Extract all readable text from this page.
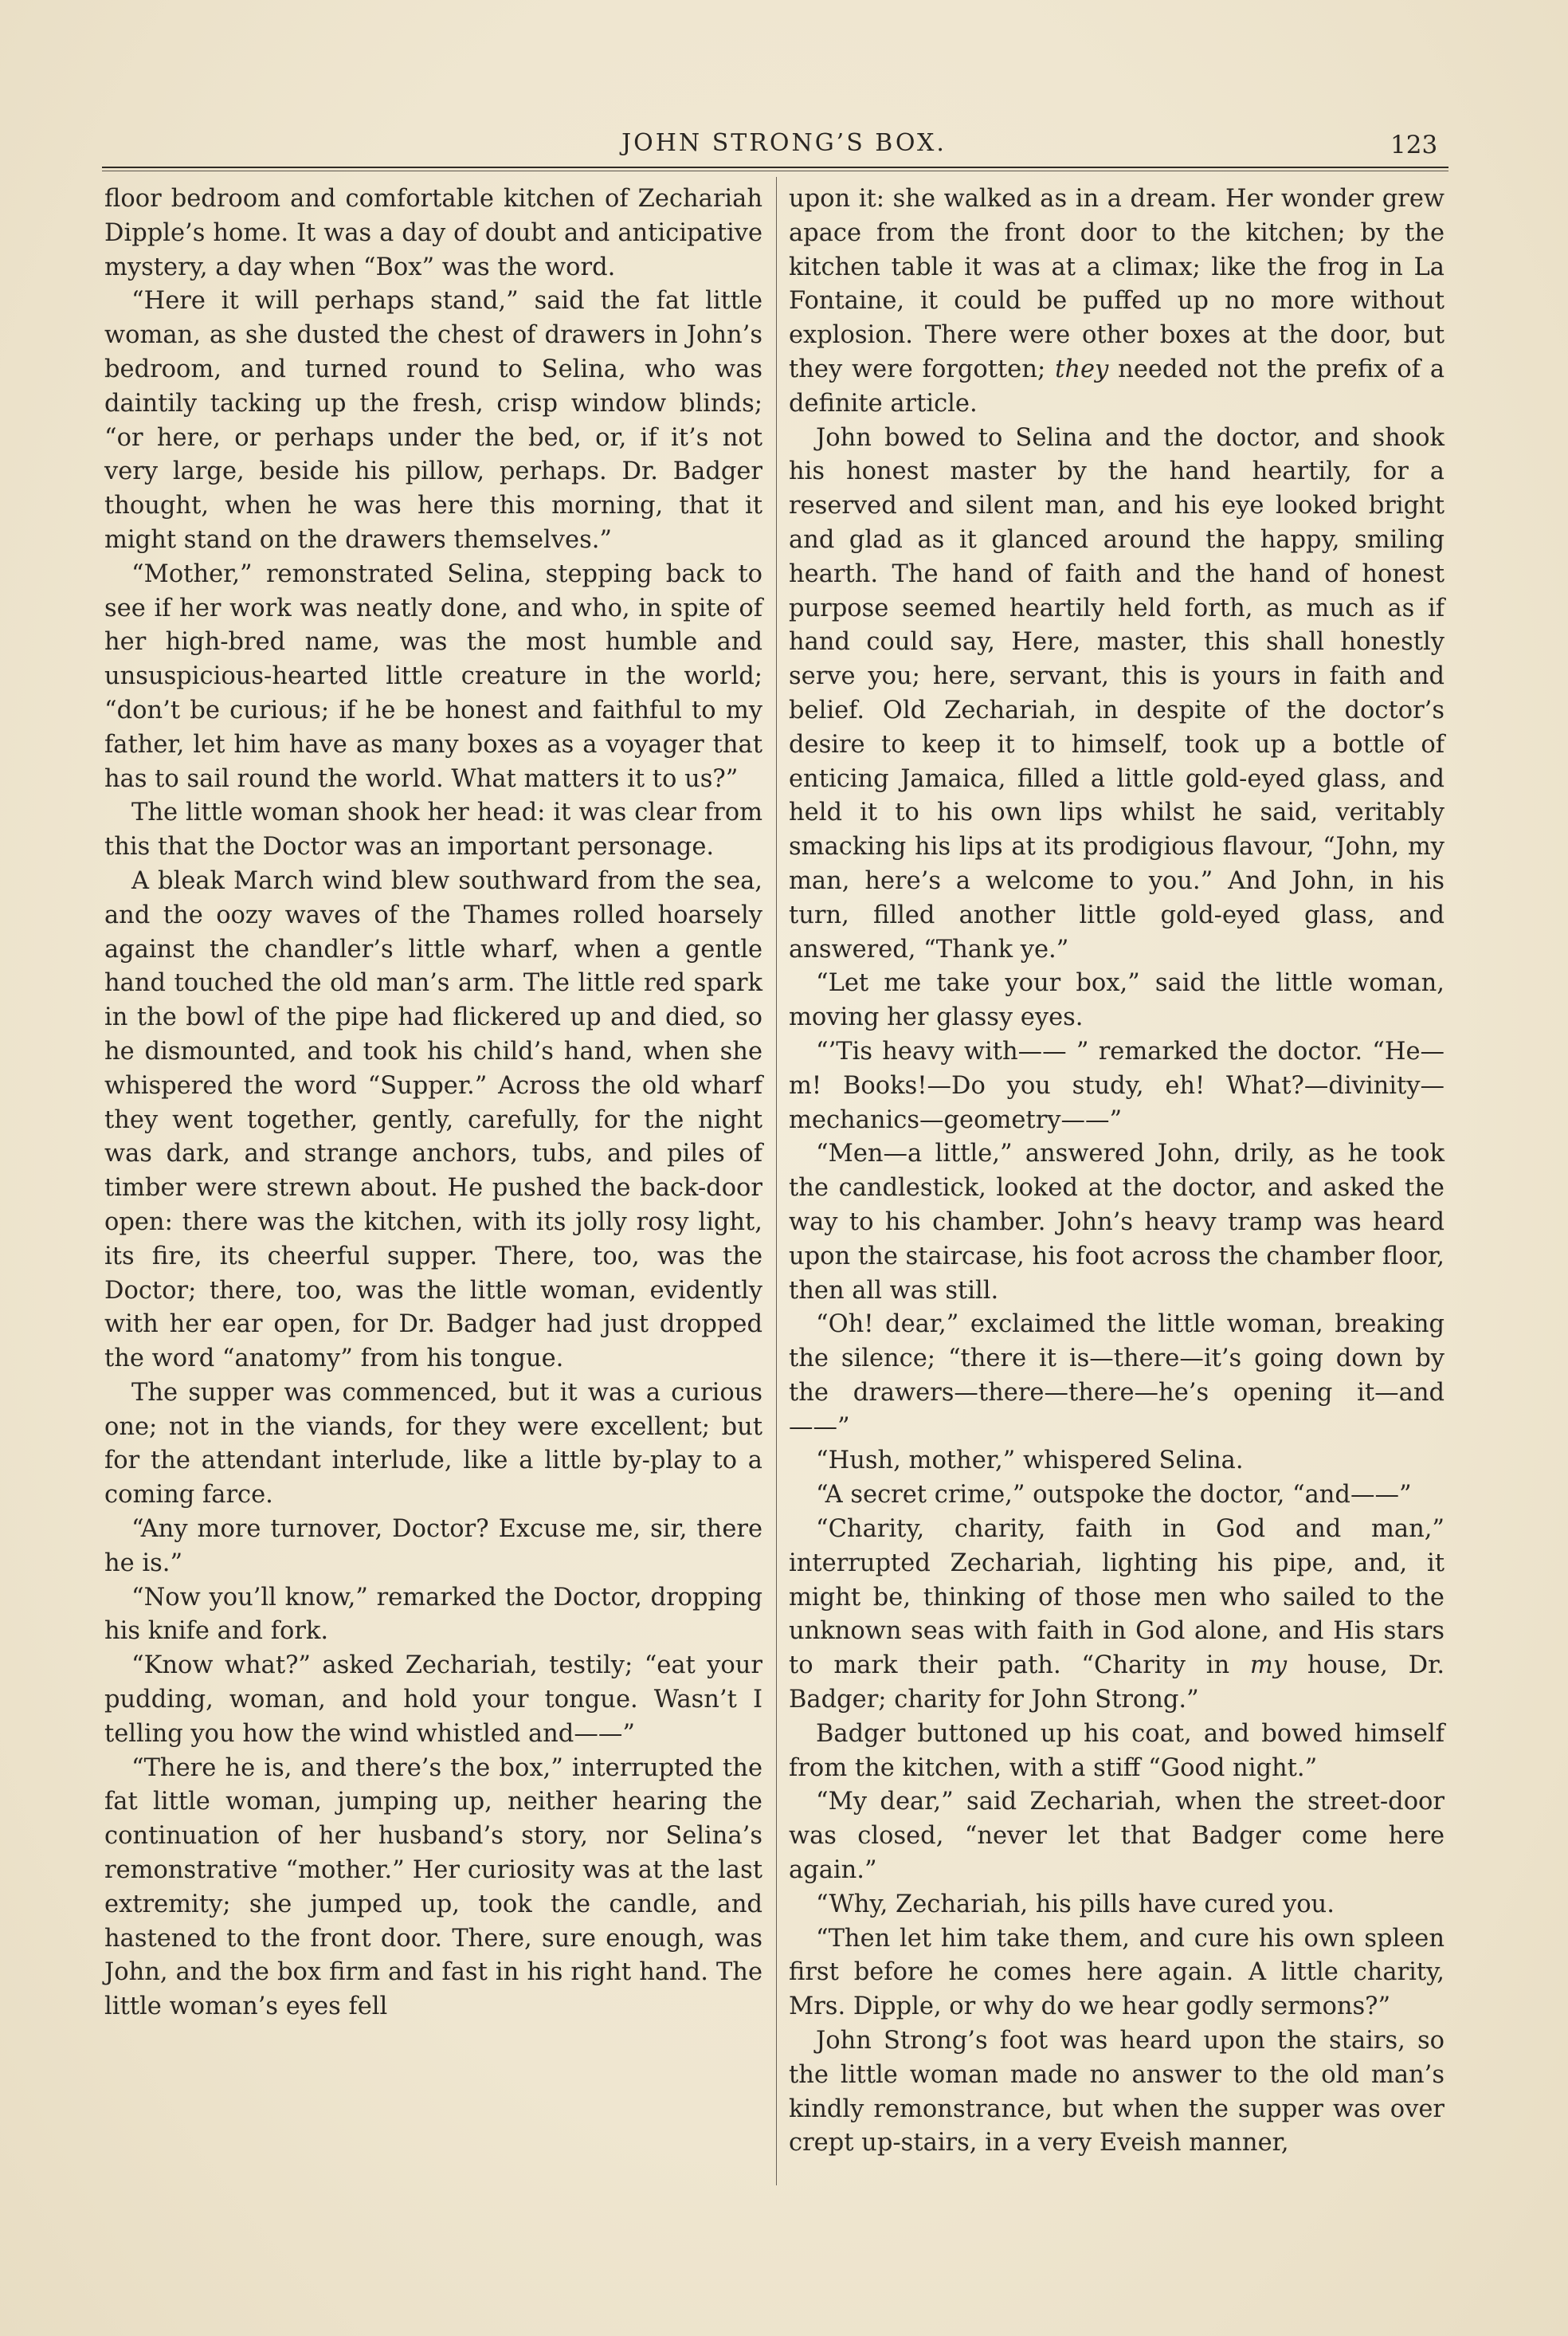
JOHN STRONG’S BOX.	123

floor bedroom and comfortable kitchen of Zechariah Dipple’s home. It was a day of doubt and anticipative mystery, a day when “Box” was the word.

“Here it will perhaps stand,” said the fat little woman, as she dusted the chest of drawers in John’s bedroom, and turned round to Selina, who was daintily tacking up the fresh, crisp window blinds; “or here, or perhaps under the bed, or, if it’s not very large, beside his pillow, perhaps. Dr. Badger thought, when he was here this morning, that it might stand on the drawers themselves.”

“Mother,” remonstrated Selina, stepping back to see if her work was neatly done, and who, in spite of her high-bred name, was the most humble and unsuspicious-hearted little creature in the world; “don’t be curious; if he be honest and faithful to my father, let him have as many boxes as a voyager that has to sail round the world. What matters it to us?”

The little woman shook her head: it was clear from this that the Doctor was an important personage.

A bleak March wind blew southward from the sea, and the oozy waves of the Thames rolled hoarsely against the chandler’s little wharf, when a gentle hand touched the old man’s arm. The little red spark in the bowl of the pipe had flickered up and died, so he dismounted, and took his child’s hand, when she whispered the word “Supper.” Across the old wharf they went together, gently, carefully, for the night was dark, and strange anchors, tubs, and piles of timber were strewn about. He pushed the back-door open: there was the kitchen, with its jolly rosy light, its fire, its cheerful supper. There, too, was the Doctor; there, too, was the little woman, evidently with her ear open, for Dr. Badger had just dropped the word “anatomy” from his tongue.

The supper was commenced, but it was a curious one; not in the viands, for they were excellent; but for the attendant interlude, like a little by-play to a coming farce.

“Any more turnover, Doctor? Excuse me, sir, there he is.”

“Now you’ll know,” remarked the Doctor, dropping his knife and fork.

“Know what?” asked Zechariah, testily; “eat your pudding, woman, and hold your tongue. Wasn’t I telling you how the wind whistled and——”

“There he is, and there’s the box,” interrupted the fat little woman, jumping up, neither hearing the continuation of her husband’s story, nor Selina’s remonstrative “mother.” Her curiosity was at the last extremity; she jumped up, took the candle, and hastened to the front door. There, sure enough, was John, and the box firm and fast in his right hand. The little woman’s eyes fell

upon it: she walked as in a dream. Her wonder grew apace from the front door to the kitchen; by the kitchen table it was at a climax; like the frog in La Fontaine, it could be puffed up no more without explosion. There were other boxes at the door, but they were forgotten; they needed not the prefix of a definite article.

John bowed to Selina and the doctor, and shook his honest master by the hand heartily, for a reserved and silent man, and his eye looked bright and glad as it glanced around the happy, smiling hearth. The hand of faith and the hand of honest purpose seemed heartily held forth, as much as if hand could say, Here, master, this shall honestly serve you; here, servant, this is yours in faith and belief. Old Zechariah, in despite of the doctor’s desire to keep it to himself, took up a bottle of enticing Jamaica, filled a little gold-eyed glass, and held it to his own lips whilst he said, veritably smacking his lips at its prodigious flavour, “John, my man, here’s a welcome to you.” And John, in his turn, filled another little gold-eyed glass, and answered, “Thank ye.”

“Let me take your box,” said the little woman, moving her glassy eyes.

“’Tis heavy with—— ” remarked the doctor. “He—m! Books!—Do you study, eh! What?—divinity—mechanics—geometry——”

“Men—a little,” answered John, drily, as he took the candlestick, looked at the doctor, and asked the way to his chamber. John’s heavy tramp was heard upon the staircase, his foot across the chamber floor, then all was still.

“Oh! dear,” exclaimed the little woman, breaking the silence; “there it is—there—it’s going down by the drawers—there—there—he’s opening it—and——”

“Hush, mother,” whispered Selina.

“A secret crime,” outspoke the doctor, “and——”

“Charity, charity, faith in God and man,” interrupted Zechariah, lighting his pipe, and, it might be, thinking of those men who sailed to the unknown seas with faith in God alone, and His stars to mark their path. “Charity in my house, Dr. Badger; charity for John Strong.”

Badger buttoned up his coat, and bowed himself from the kitchen, with a stiff “Good night.”

“My dear,” said Zechariah, when the street-door was closed, “never let that Badger come here again.”

“Why, Zechariah, his pills have cured you.

“Then let him take them, and cure his own spleen first before he comes here again. A little charity, Mrs. Dipple, or why do we hear godly sermons?”

John Strong’s foot was heard upon the stairs, so the little woman made no answer to the old man’s kindly remonstrance, but when the supper was over crept up-stairs, in a very Eveish manner,
